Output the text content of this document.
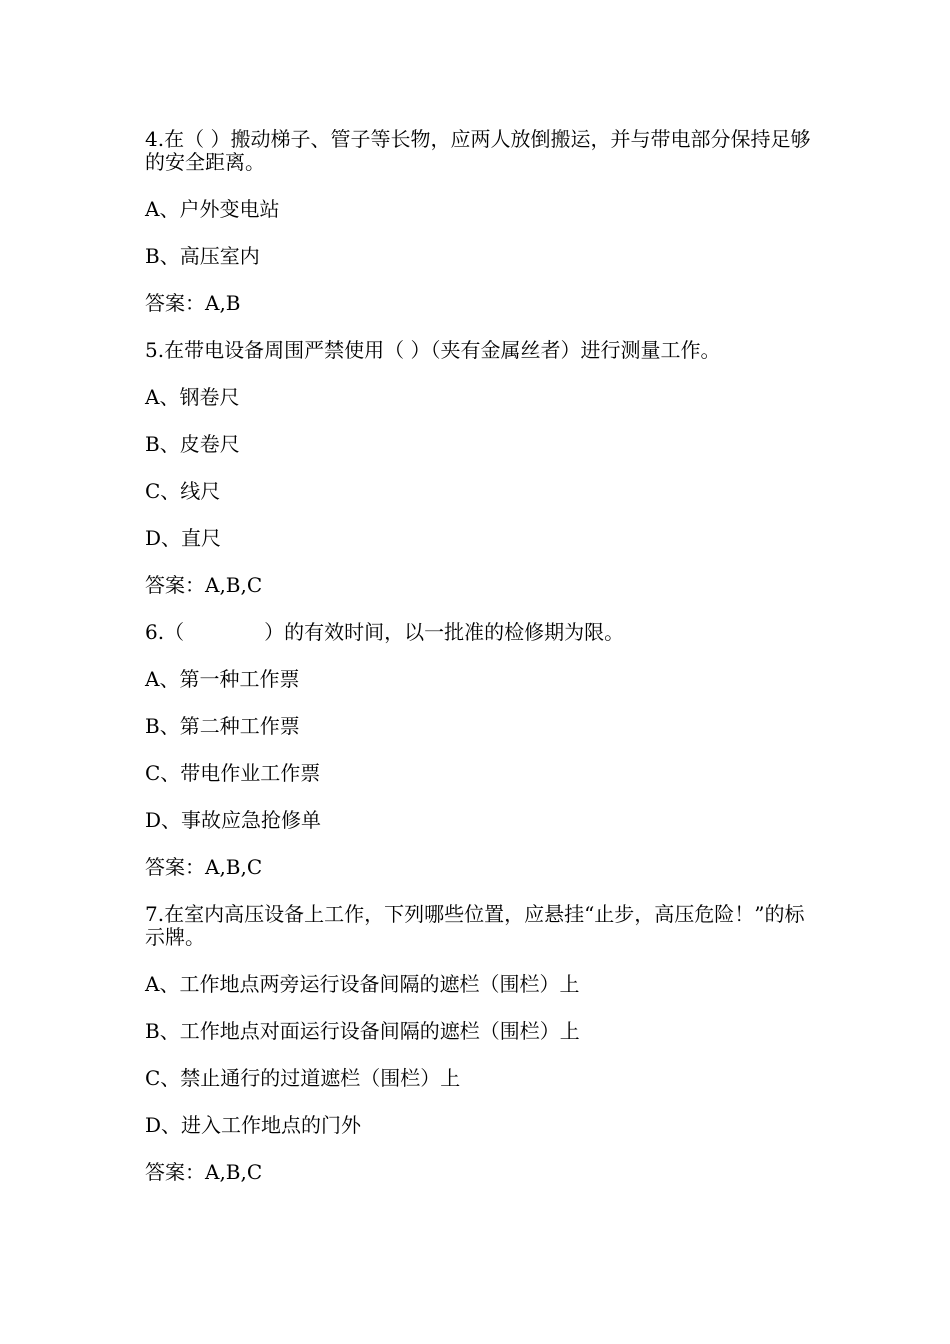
4.在（ ）搬动梯子、管子等长物，应两人放倒搬运，并与带电部分保持足够的安全距离。
A、户外变电站
B、高压室内
答案：A,B
5.在带电设备周围严禁使用（ ）（夹有金属丝者）进行测量工作。
A、钢卷尺
B、皮卷尺
C、线尺
D、直尺
答案：A,B,C
6.（　　　　）的有效时间，以一批准的检修期为限。
A、第一种工作票
B、第二种工作票
C、带电作业工作票
D、事故应急抢修单
答案：A,B,C
7.在室内高压设备上工作，下列哪些位置，应悬挂“止步，高压危险！”的标示牌。
A、工作地点两旁运行设备间隔的遮栏（围栏）上
B、工作地点对面运行设备间隔的遮栏（围栏）上
C、禁止通行的过道遮栏（围栏）上
D、进入工作地点的门外
答案：A,B,C
